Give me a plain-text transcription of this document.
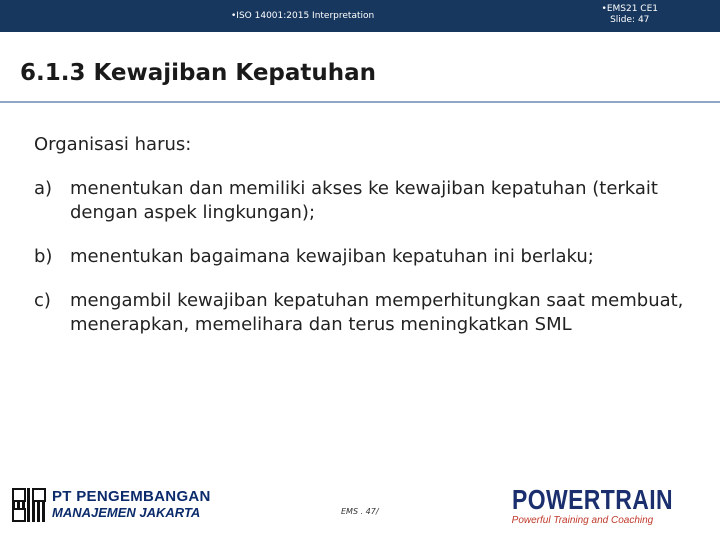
•ISO 14001:2015 Interpretation
•EMS21 CE1
Slide: 47
6.1.3 Kewajiban Kepatuhan

Organisasi harus:

a) menentukan dan memiliki akses ke kewajiban kepatuhan (terkait dengan aspek lingkungan);
b) menentukan bagaimana kewajiban kepatuhan ini berlaku;
c)	mengambil kewajiban kepatuhan memperhitungkan saat membuat, menerapkan, memelihara dan terus meningkatkan SML
PT PENGEMBANGAN
MANAJEMEN JAKARTA	EMS . 47/	POWERTRAIN
Powerful Training and Coaching
